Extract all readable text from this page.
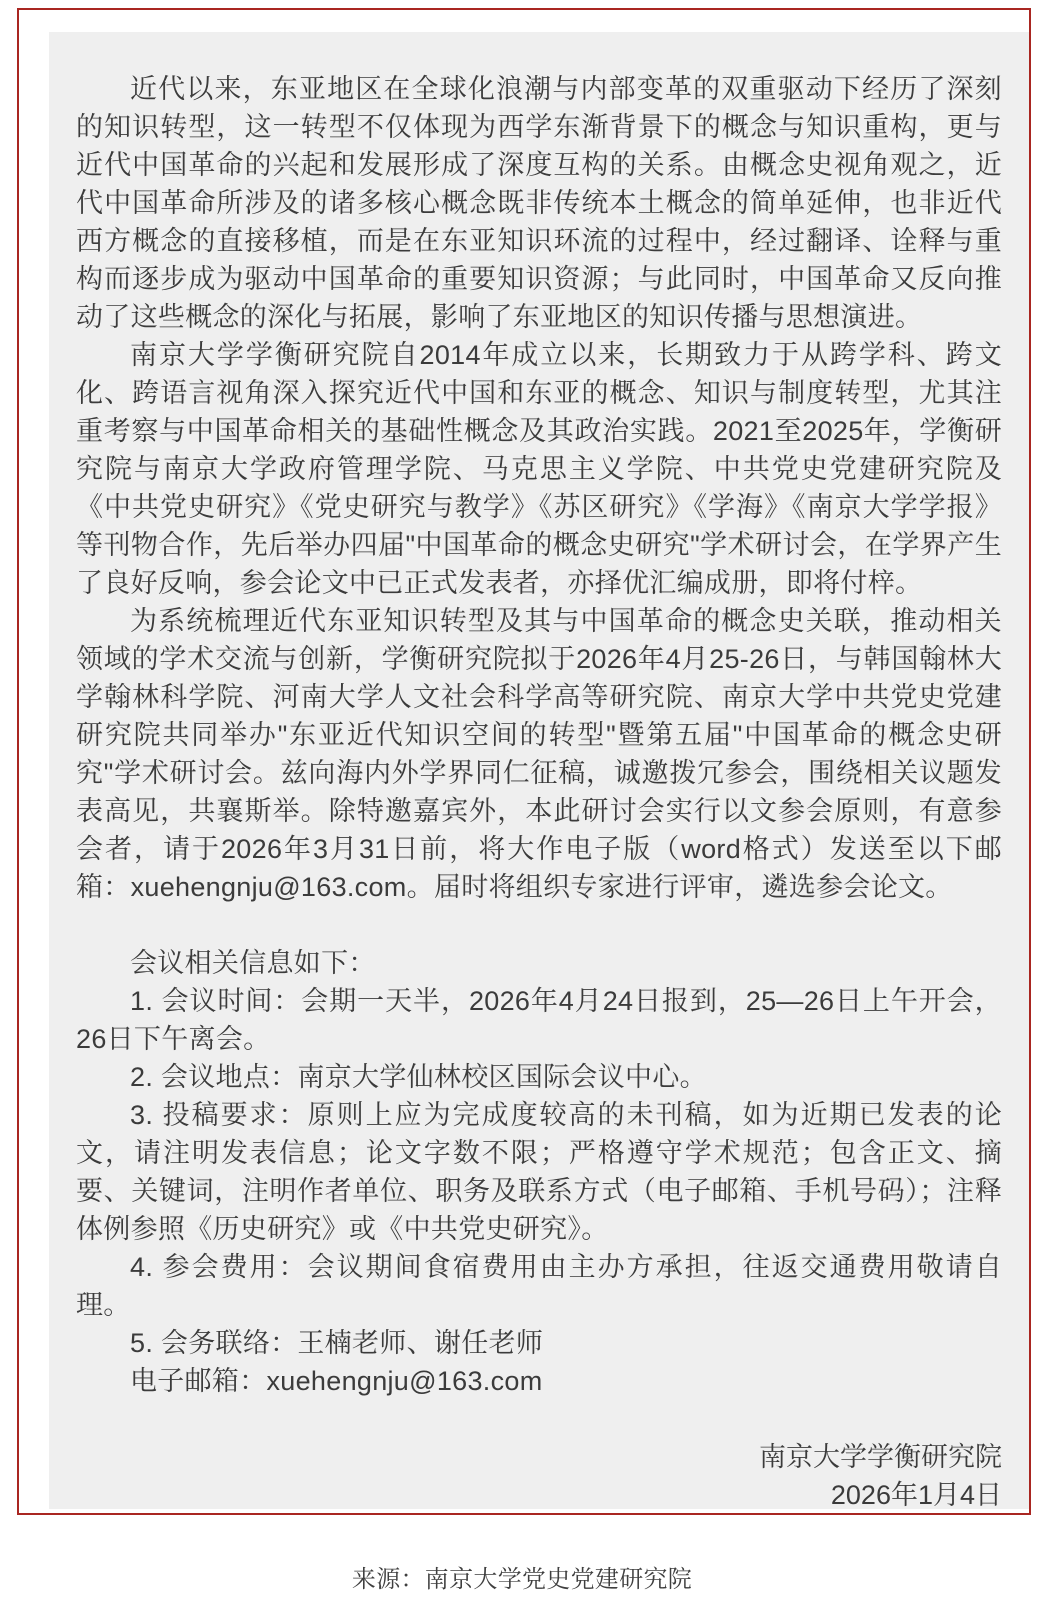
近代以来，东亚地区在全球化浪潮与内部变革的双重驱动下经历了深刻的知识转型，这一转型不仅体现为西学东渐背景下的概念与知识重构，更与近代中国革命的兴起和发展形成了深度互构的关系。由概念史视角观之，近代中国革命所涉及的诸多核心概念既非传统本土概念的简单延伸，也非近代西方概念的直接移植，而是在东亚知识环流的过程中，经过翻译、诠释与重构而逐步成为驱动中国革命的重要知识资源；与此同时，中国革命又反向推动了这些概念的深化与拓展，影响了东亚地区的知识传播与思想演进。

南京大学学衡研究院自2014年成立以来，长期致力于从跨学科、跨文化、跨语言视角深入探究近代中国和东亚的概念、知识与制度转型，尤其注重考察与中国革命相关的基础性概念及其政治实践。2021至2025年，学衡研究院与南京大学政府管理学院、马克思主义学院、中共党史党建研究院及《中共党史研究》《党史研究与教学》《苏区研究》《学海》《南京大学学报》等刊物合作，先后举办四届"中国革命的概念史研究"学术研讨会，在学界产生了良好反响，参会论文中已正式发表者，亦择优汇编成册，即将付梓。

为系统梳理近代东亚知识转型及其与中国革命的概念史关联，推动相关领域的学术交流与创新，学衡研究院拟于2026年4月25-26日，与韩国翰林大学翰林科学院、河南大学人文社会科学高等研究院、南京大学中共党史党建研究院共同举办"东亚近代知识空间的转型"暨第五届"中国革命的概念史研究"学术研讨会。兹向海内外学界同仁征稿，诚邀拨冗参会，围绕相关议题发表高见，共襄斯举。除特邀嘉宾外，本此研讨会实行以文参会原则，有意参会者，请于2026年3月31日前，将大作电子版（word格式）发送至以下邮箱：xuehengnju@163.com。届时将组织专家进行评审，遴选参会论文。

会议相关信息如下：

1. 会议时间：会期一天半，2026年4月24日报到，25—26日上午开会，26日下午离会。

2. 会议地点：南京大学仙林校区国际会议中心。

3. 投稿要求：原则上应为完成度较高的未刊稿，如为近期已发表的论文，请注明发表信息；论文字数不限；严格遵守学术规范；包含正文、摘要、关键词，注明作者单位、职务及联系方式（电子邮箱、手机号码）；注释体例参照《历史研究》或《中共党史研究》。

4. 参会费用：会议期间食宿费用由主办方承担，往返交通费用敬请自理。

5. 会务联络：王楠老师、谢任老师

电子邮箱：xuehengnju@163.com

南京大学学衡研究院
2026年1月4日
来源：南京大学党史党建研究院
